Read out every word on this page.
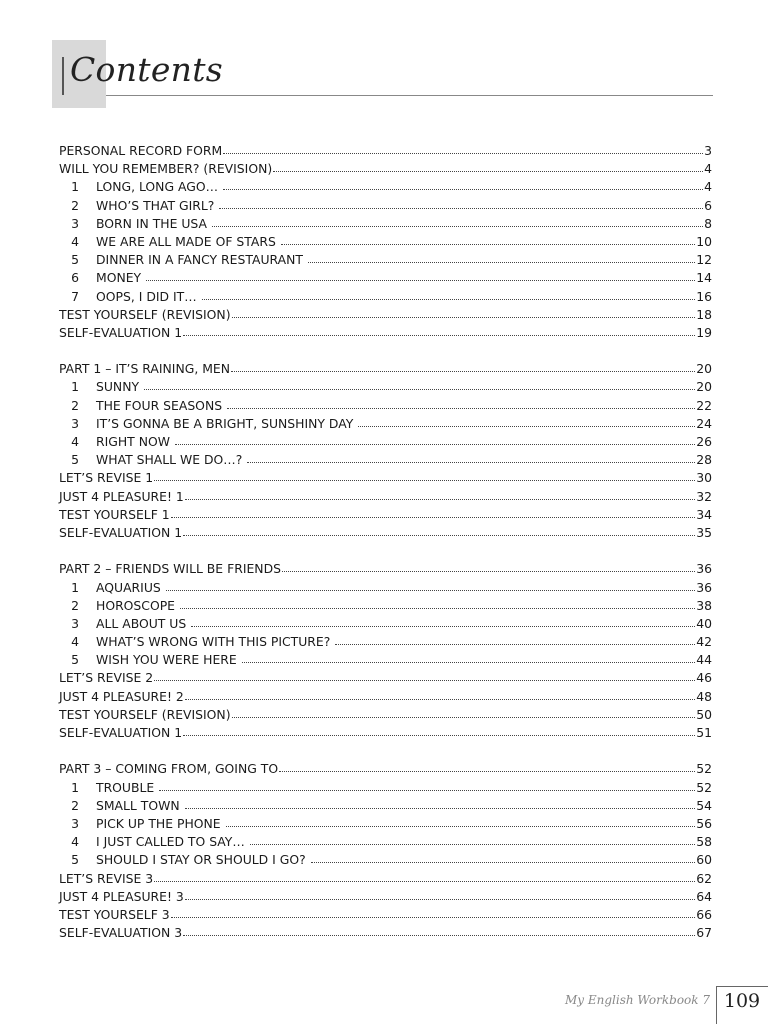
Contents
PERSONAL RECORD FORM	3
WILL YOU REMEMBER? (REVISION)	4
1 LONG, LONG AGO…	4
2 WHO’S THAT GIRL?	6
3 BORN IN THE USA	8
4 WE ARE ALL MADE OF STARS	10
5 DINNER IN A FANCY RESTAURANT	12
6 MONEY	14
7 OOPS, I DID IT…	16
TEST YOURSELF (REVISION)	18
SELF-EVALUATION 1	19
PART 1 – IT’S RAINING, MEN	20
1 SUNNY	20
2 THE FOUR SEASONS	22
3 IT’S GONNA BE A BRIGHT, SUNSHINY DAY	24
4 RIGHT NOW	26
5 WHAT SHALL WE DO…?	28
LET’S REVISE 1	30
JUST 4 PLEASURE! 1	32
TEST YOURSELF 1	34
SELF-EVALUATION 1	35
PART 2 – FRIENDS WILL BE FRIENDS	36
1 AQUARIUS	36
2 HOROSCOPE	38
3 ALL ABOUT US	40
4 WHAT’S WRONG WITH THIS PICTURE?	42
5 WISH YOU WERE HERE	44
LET’S REVISE 2	46
JUST 4 PLEASURE! 2	48
TEST YOURSELF (REVISION)	50
SELF-EVALUATION 1	51
PART 3 – COMING FROM, GOING TO	52
1 TROUBLE	52
2 SMALL TOWN	54
3 PICK UP THE PHONE	56
4 I JUST CALLED TO SAY…	58
5 SHOULD I STAY OR SHOULD I GO?	60
LET’S REVISE 3	62
JUST 4 PLEASURE! 3	64
TEST YOURSELF 3	66
SELF-EVALUATION 3	67
My English Workbook 7 109
